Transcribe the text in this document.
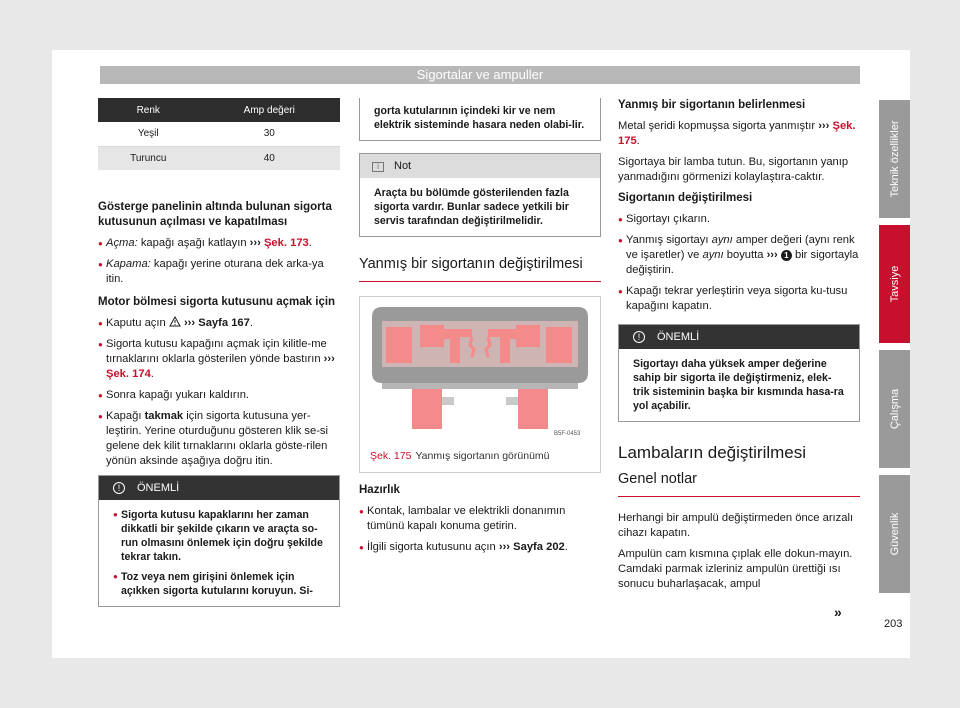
Sigortalar ve ampuller
Renk	Amp değeri
Yeşil	30
Turuncu	40
Gösterge panelinin altında bulunan sigorta kutusunun açılması ve kapatılması
● Açma: kapağı aşağı katlayın ››› Şek. 173.
● Kapama: kapağı yerine oturana dek arka-ya itin.
Motor bölmesi sigorta kutusunu açmak için
● Kaputu açın  ››› Sayfa 167.
● Sigorta kutusu kapağını açmak için kilitle-me tırnaklarını oklarla gösterilen yönde bastırın ››› Şek. 174.
● Sonra kapağı yukarı kaldırın.
● Kapağı takmak için sigorta kutusuna yer-leştirin. Yerine oturduğunu gösteren klik se-si gelene dek kilit tırnaklarını oklarla göste-rilen yönün aksinde aşağıya doğru itin.
! ÖNEMLİ
● Sigorta kutusu kapaklarını her zaman dikkatli bir şekilde çıkarın ve araçta so-run olmasını önlemek için doğru şekilde tekrar takın.
● Toz veya nem girişini önlemek için açıkken sigorta kutularını koruyun. Si-
gorta kutularının içindeki kir ve nem elektrik sisteminde hasara neden olabi-lir.
i Not
Araçta bu bölümde gösterilenden fazla sigorta vardır. Bunlar sadece yetkili bir servis tarafından değiştirilmelidir.
Yanmış bir sigortanın değiştirilmesi
B5F-0453
Şek. 175 Yanmış sigortanın görünümü
Hazırlık
● Kontak, lambalar ve elektrikli donanımın tümünü kapalı konuma getirin.
● İlgili sigorta kutusunu açın ››› Sayfa 202.
Yanmış bir sigortanın belirlenmesi

Metal şeridi kopmuşsa sigorta yanmıştır ››› Şek. 175.

Sigortaya bir lamba tutun. Bu, sigortanın yanıp yanmadığını görmenizi kolaylaştıra-caktır.

Sigortanın değiştirilmesi
● Sigortayı çıkarın.
● Yanmış sigortayı aynı amper değeri (aynı renk ve işaretler) ve aynı boyutta ››› 1 bir sigortayla değiştirin.
● Kapağı tekrar yerleştirin veya sigorta ku-tusu kapağını kapatın.
! ÖNEMLİ
Sigortayı daha yüksek amper değerine sahip bir sigorta ile değiştirmeniz, elek-trik sisteminin başka bir kısmında hasa-ra yol açabilir.
Lambaların değiştirilmesi
Genel notlar

Herhangi bir ampulü değiştirmeden önce arızalı cihazı kapatın.

Ampulün cam kısmına çıplak elle dokun-mayın. Camdaki parmak izleriniz ampulün ürettiği ısı sonucu buharlaşacak, ampul

»
Teknik özellikler
Tavsiye
Çalışma
Güvenlik
203
